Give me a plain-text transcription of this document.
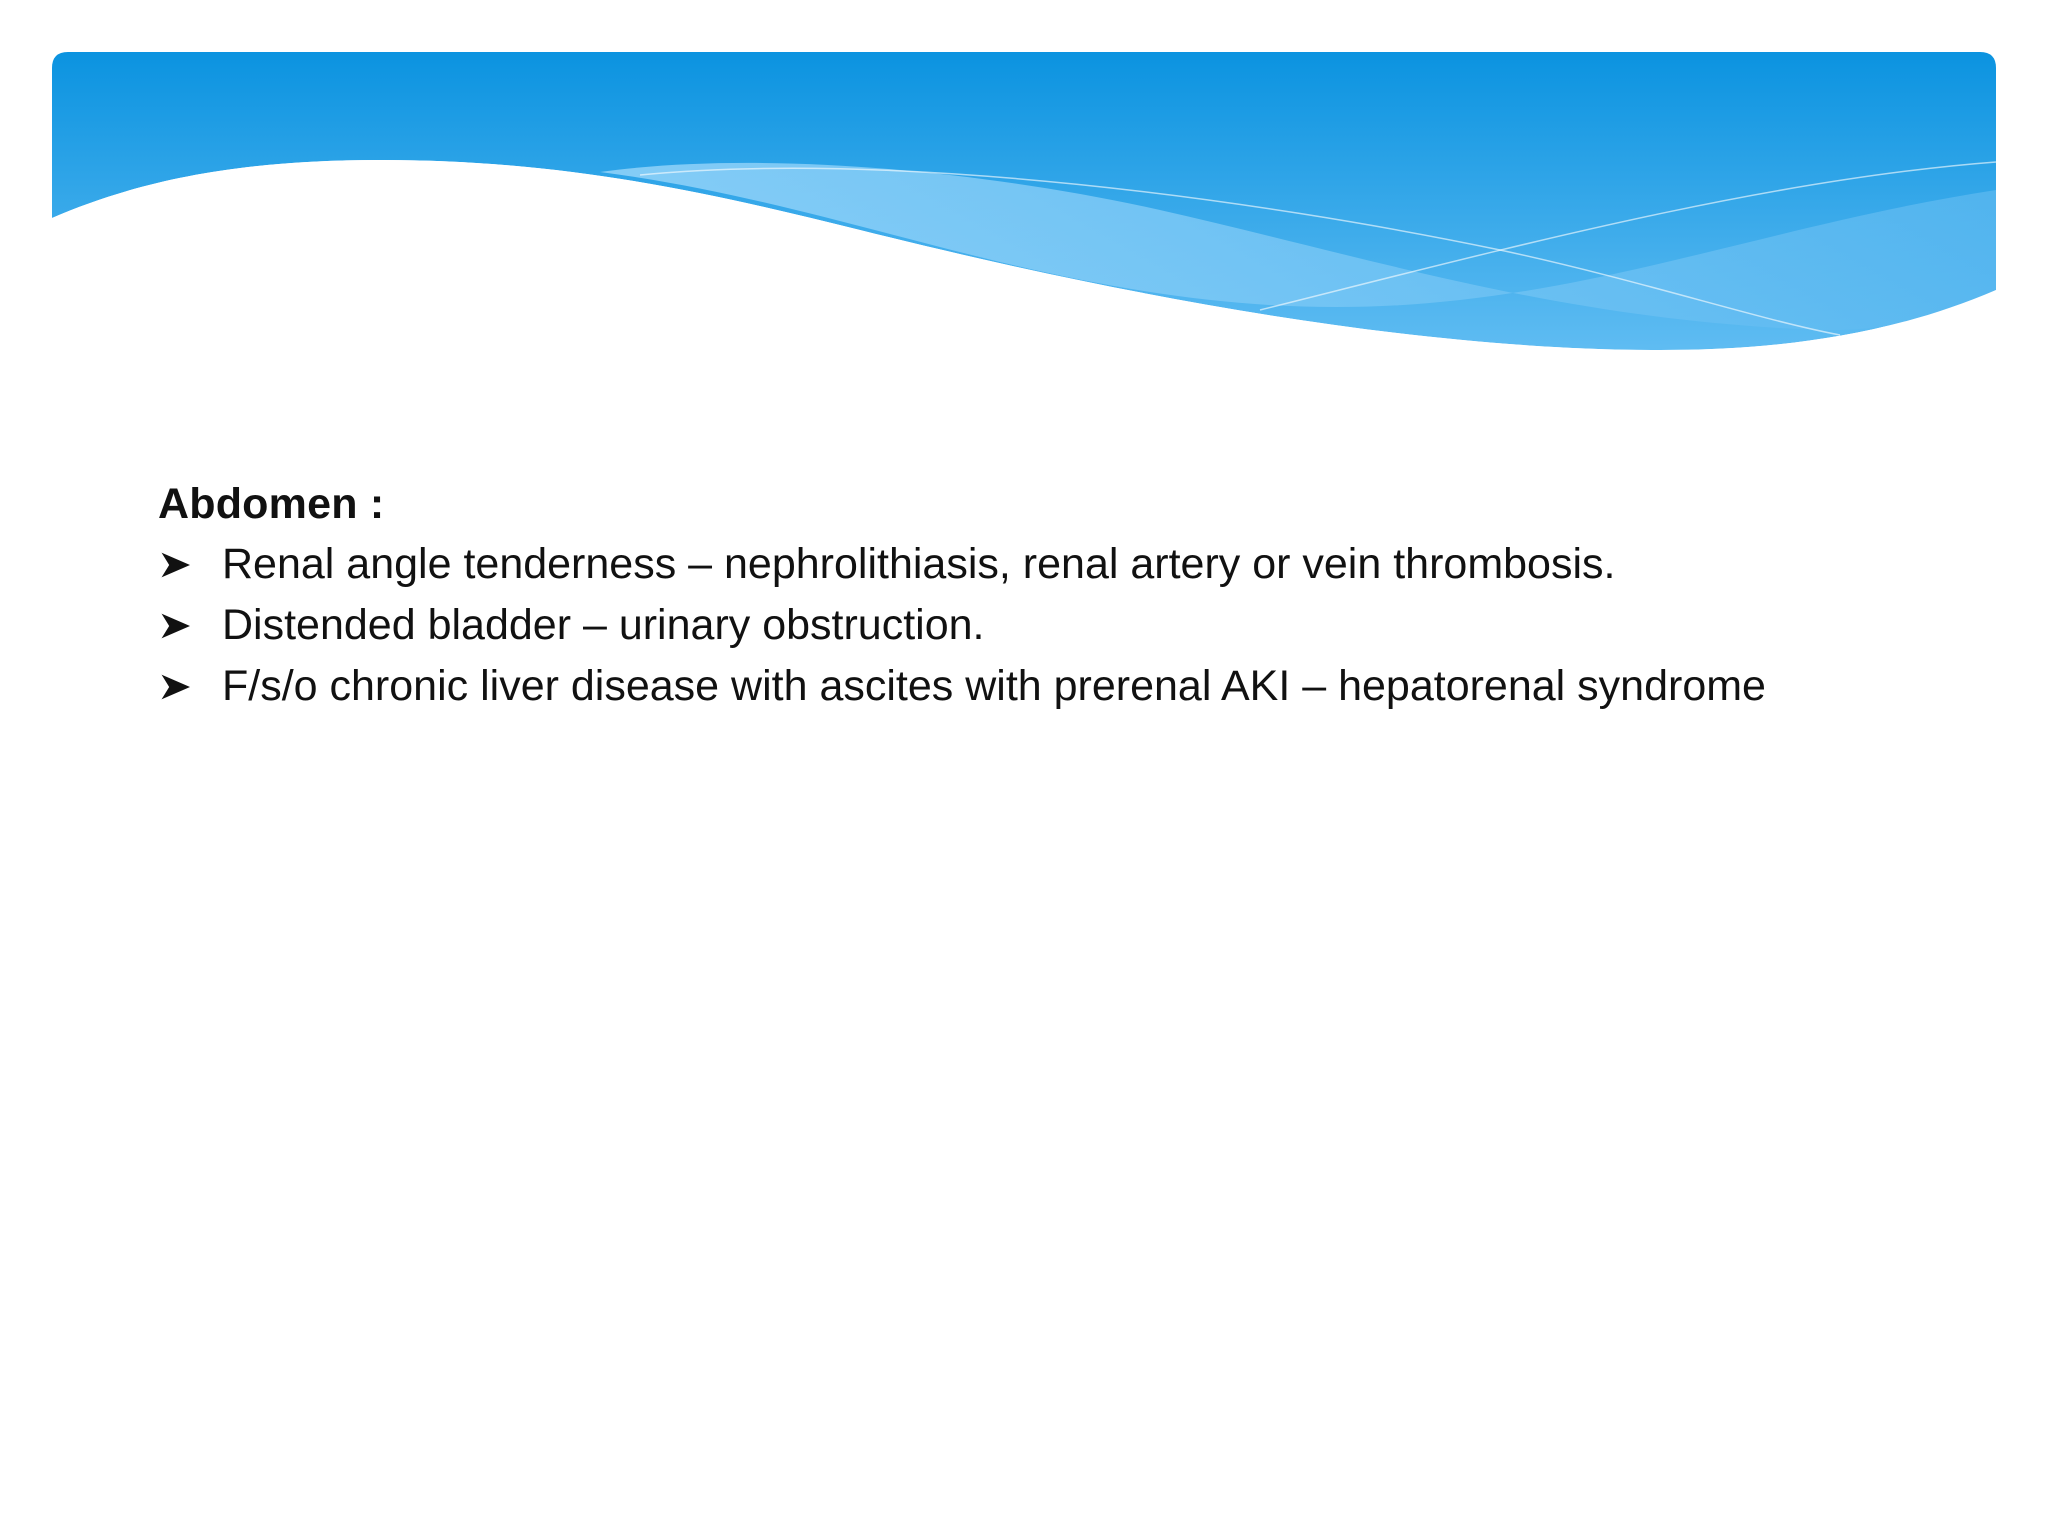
Abdomen :

Renal angle tenderness – nephrolithiasis, renal artery or vein thrombosis.
Distended bladder – urinary obstruction.
F/s/o chronic liver disease with ascites with prerenal AKI – hepatorenal syndrome
